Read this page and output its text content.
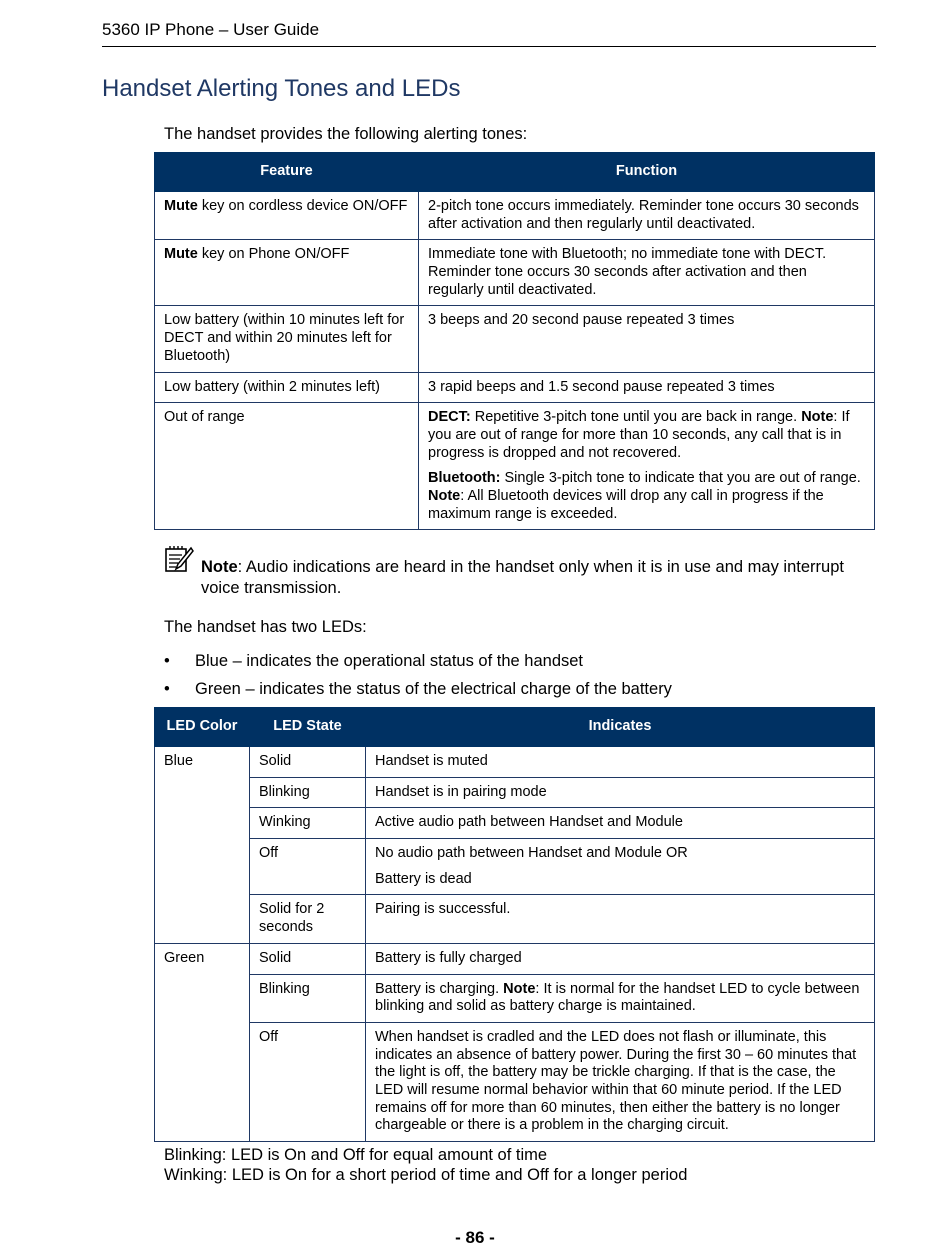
5360 IP Phone – User Guide
Handset Alerting Tones and LEDs
The handset provides the following alerting tones:
Feature	Function
Mute key on cordless device ON/OFF	2-pitch tone occurs immediately. Reminder tone occurs 30 seconds after activation and then regularly until deactivated.

Mute key on Phone ON/OFF	Immediate tone with Bluetooth; no immediate tone with DECT. Reminder tone occurs 30 seconds after activation and then regularly until deactivated.

Low battery (within 10 minutes left for DECT and within 20 minutes left for Bluetooth)	3 beeps and 20 second pause repeated 3 times

Low battery (within 2 minutes left)	3 rapid beeps and 1.5 second pause repeated 3 times

Out of range	DECT: Repetitive 3-pitch tone until you are back in range. Note: If you are out of range for more than 10 seconds, any call that is in progress is dropped and not recovered.
Bluetooth: Single 3-pitch tone to indicate that you are out of range. Note: All Bluetooth devices will drop any call in progress if the maximum range is exceeded.
Note: Audio indications are heard in the handset only when it is in use and may interrupt voice transmission.
The handset has two LEDs:
• Blue – indicates the operational status of the handset
• Green – indicates the status of the electrical charge of the battery
LED Color	LED State	Indicates
Blue	Solid	Handset is muted

	Blinking	Handset is in pairing mode

	Winking	Active audio path between Handset and Module

	Off	No audio path between Handset and Module OR
Battery is dead

	Solid for 2 seconds	Pairing is successful.

Green	Solid	Battery is fully charged

	Blinking	Battery is charging. Note: It is normal for the handset LED to cycle between blinking and solid as battery charge is maintained.

	Off	When handset is cradled and the LED does not flash or illuminate, this indicates an absence of battery power. During the first 30 – 60 minutes that the light is off, the battery may be trickle charging. If that is the case, the LED will resume normal behavior within that 60 minute period. If the LED remains off for more than 60 minutes, then either the battery is no longer chargeable or there is a problem in the charging circuit.
Blinking: LED is On and Off for equal amount of time
Winking: LED is On for a short period of time and Off for a longer period
- 86 -
